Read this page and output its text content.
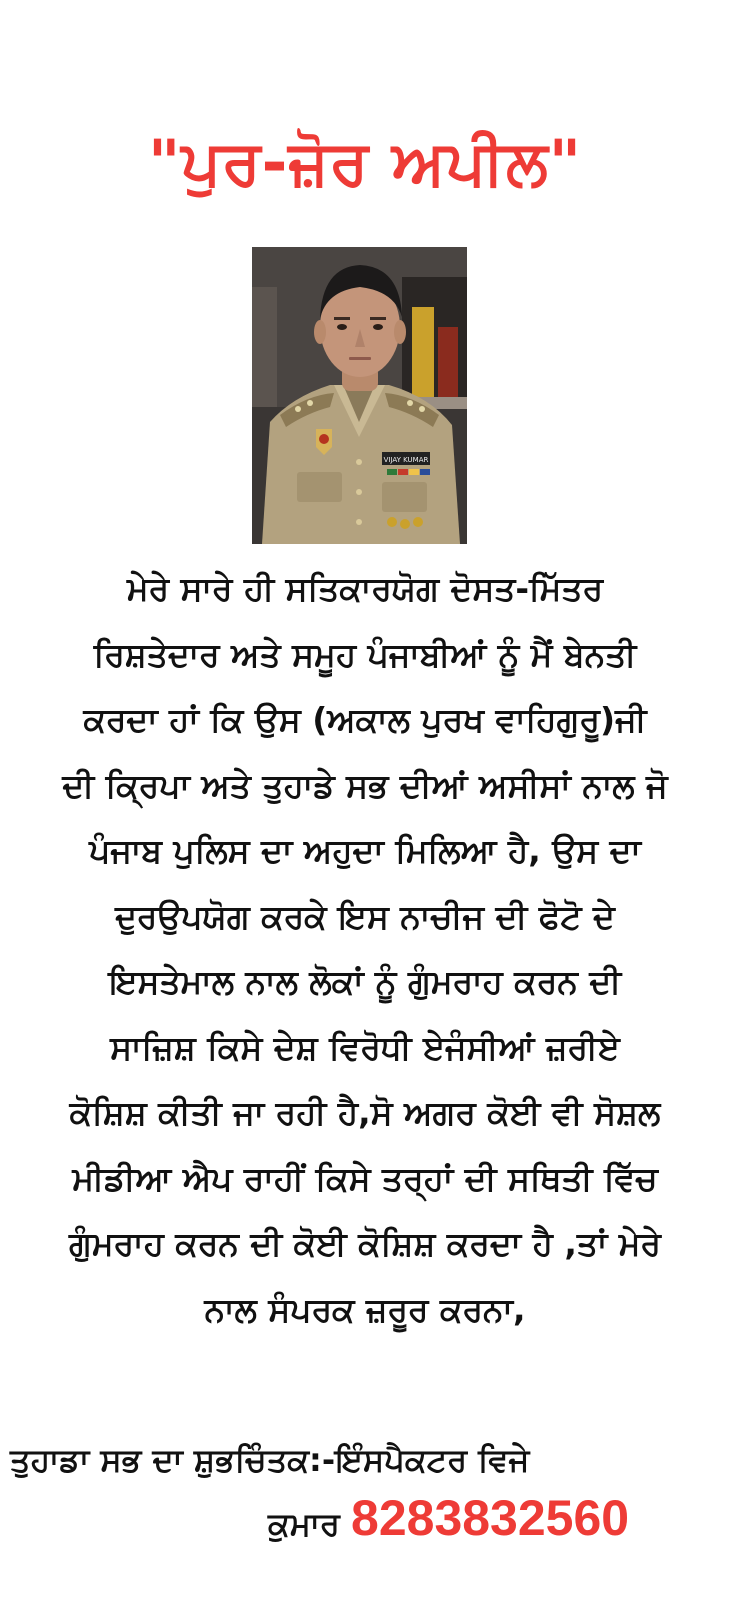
"ਪੁਰ-ਜ਼ੋਰ ਅਪੀਲ"
VIJAY KUMAR
ਮੇਰੇ ਸਾਰੇ ਹੀ ਸਤਿਕਾਰਯੋਗ ਦੋਸਤ-ਮਿੱਤਰ
ਰਿਸ਼ਤੇਦਾਰ ਅਤੇ ਸਮੂਹ ਪੰਜਾਬੀਆਂ ਨੂੰ ਮੈਂ ਬੇਨਤੀ
ਕਰਦਾ ਹਾਂ ਕਿ ਉਸ (ਅਕਾਲ ਪੁਰਖ ਵਾਹਿਗੁਰੂ)ਜੀ
ਦੀ ਕ੍ਰਿਪਾ ਅਤੇ ਤੁਹਾਡੇ ਸਭ ਦੀਆਂ ਅਸੀਸਾਂ ਨਾਲ ਜੋ
ਪੰਜਾਬ ਪੁਲਿਸ ਦਾ ਅਹੁਦਾ ਮਿਲਿਆ ਹੈ, ਉਸ ਦਾ
ਦੁਰਉਪਯੋਗ ਕਰਕੇ ਇਸ ਨਾਚੀਜ ਦੀ ਫੋਟੋ ਦੇ
ਇਸਤੇਮਾਲ ਨਾਲ ਲੋਕਾਂ ਨੂੰ ਗੁੰਮਰਾਹ ਕਰਨ ਦੀ
ਸਾਜ਼ਿਸ਼ ਕਿਸੇ ਦੇਸ਼ ਵਿਰੋਧੀ ਏਜੰਸੀਆਂ ਜ਼ਰੀਏ
ਕੋਸ਼ਿਸ਼ ਕੀਤੀ ਜਾ ਰਹੀ ਹੈ,ਸੋ ਅਗਰ ਕੋਈ ਵੀ ਸੋਸ਼ਲ
ਮੀਡੀਆ ਐਪ ਰਾਹੀਂ ਕਿਸੇ ਤਰ੍ਹਾਂ ਦੀ ਸਥਿਤੀ ਵਿੱਚ
ਗੁੰਮਰਾਹ ਕਰਨ ਦੀ ਕੋਈ ਕੋਸ਼ਿਸ਼ ਕਰਦਾ ਹੈ ,ਤਾਂ ਮੇਰੇ
ਨਾਲ ਸੰਪਰਕ ਜ਼ਰੂਰ ਕਰਨਾ,
ਤੁਹਾਡਾ ਸਭ ਦਾ ਸ਼ੁਭਚਿੰਤਕ:-ਇੰਸਪੈਕਟਰ ਵਿਜੇ
ਕੁਮਾਰ 8283832560
